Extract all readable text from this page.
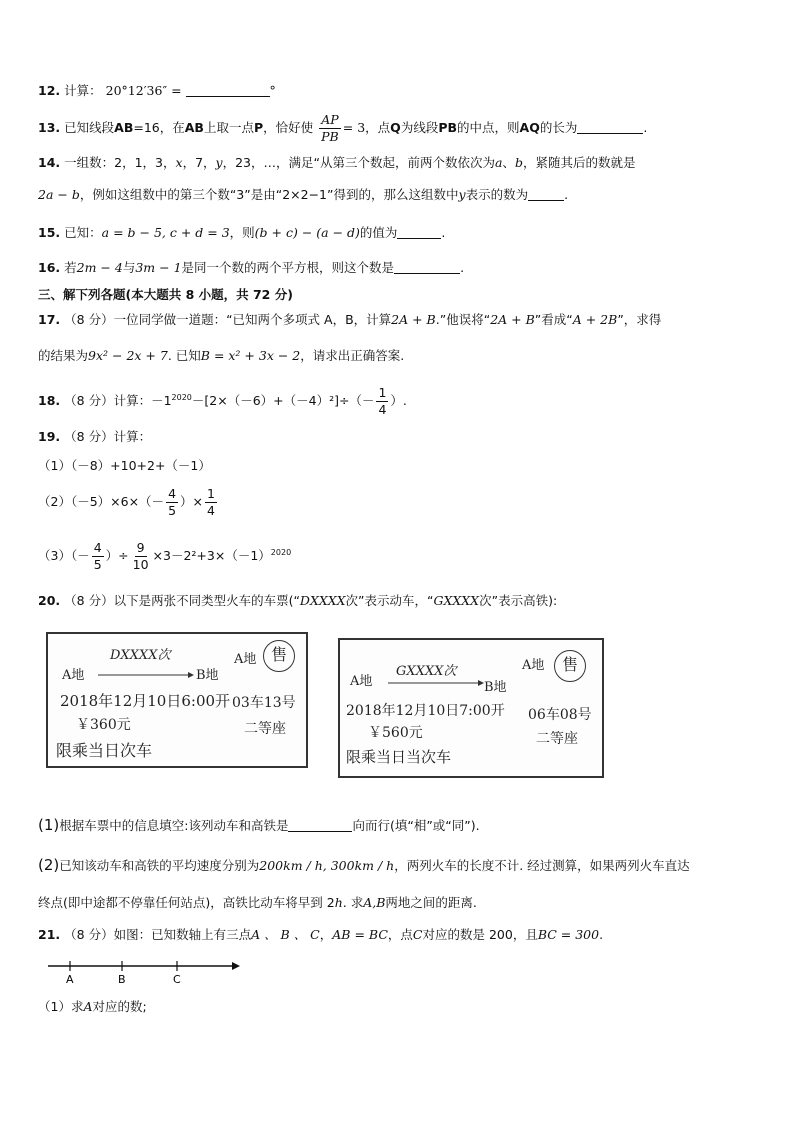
12. 计算： 20°12′36″ =	°
13. 已知线段AB=16，在AB上取一点P，恰好使 $\frac{AP}{PB} = 3$，点Q为线段PB的中点，则AQ的长为	.
14. 一组数：2，1，3，x，7，y，23，…，满足“从第三个数起，前两个数依次为a、b，紧随其后的数就是
2a − b，例如这组数中的第三个数“3”是由“2×2−1”得到的，那么这组数中y表示的数为	.
15. 已知：a = b − 5, c + d = 3，则(b + c) − (a − d)的值为	.
16. 若2m − 4与3m − 1是同一个数的两个平方根，则这个数是	.
三、解下列各题(本大题共 8 小题，共 72 分)
17. （8 分）一位同学做一道题：“已知两个多项式 A，B，计算2A + B.”他误将“2A + B”看成“A + 2B”，求得
的结果为9x² − 2x + 7. 已知B = x² + 3x − 2，请求出正确答案.
18. （8 分）计算：$-1^{2020}-[2\times(-6)+(-4)^2]\div(- \frac{1}{4}$ ）.
19. （8 分）计算：
（1）（－8）+10+2+（－1）
$(2)(-5)\times 6\times(- \frac{4}{5}$ ）× $\frac{1}{4}$
$(3)(- \frac{4}{5}$ ）÷ $\frac{9}{10} \times 3-2^2+3\times(-1)^{2020}$
20. （8 分）以下是两张不同类型火车的车票(“DXXXX次”表示动车，“GXXXX次”表示高铁):
DXXXX次
A地	B地
A地 售
2018年12月10日6:00开 03车13号
￥360元	二等座
限乘当日次车
GXXXX次
A地	B地
A地	售
2018年12月10日7:00开 06车08号
￥560元	二等座
限乘当日当次车
(1)根据车票中的信息填空:该列动车和高铁是	向而行(填“相”或“同”).
(2)已知该动车和高铁的平均速度分别为200km / h, 300km / h，两列火车的长度不计. 经过测算，如果两列火车直达
终点(即中途都不停靠任何站点)，高铁比动车将早到 2h. 求A,B两地之间的距离.
21. （8 分）如图：已知数轴上有三点A 、 B 、 C，AB = BC，点C对应的数是 200，且BC = 300.
A	B	C
（1）求A对应的数;
